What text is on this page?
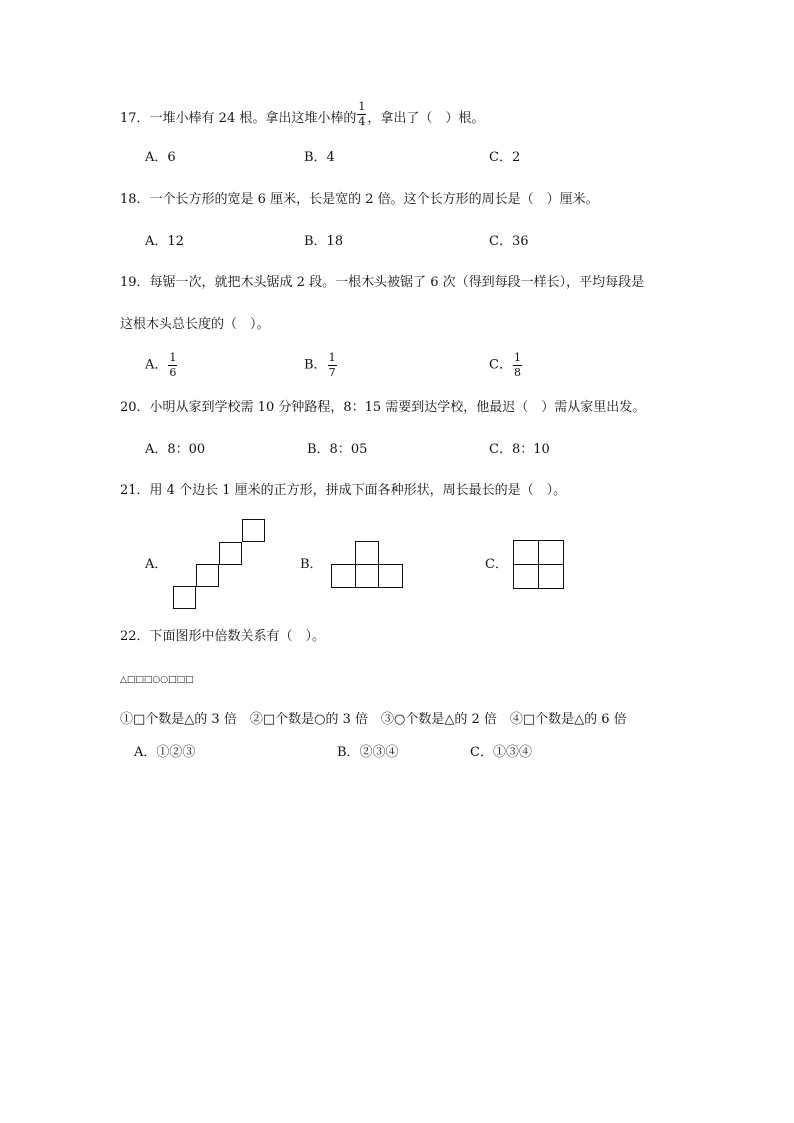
17．一堆小棒有 24 根。拿出这堆小棒的 $\frac{1}{4}$ ，拿出了（　）根。
A．6	B．4	C．2
18．一个长方形的宽是 6 厘米，长是宽的 2 倍。这个长方形的周长是（　）厘米。
A．12	B．18	C．36
19．每锯一次，就把木头锯成 2 段。一根木头被锯了 6 次（得到每段一样长），平均每段是
这根木头总长度的（　）。
A． $\frac{1}{6}$	B． $\frac{1}{7}$	C． $\frac{1}{8}$
20．小明从家到学校需 10 分钟路程，8：15 需要到达学校，他最迟（　）需从家里出发。
A．8：00	B．8：05	C．8：10
21．用 4 个边长 1 厘米的正方形，拼成下面各种形状，周长最长的是（　）。
A．	B．	C．
22．下面图形中倍数关系有（　）。
△□□□○○□□□
①□个数是△的 3 倍　②□个数是○的 3 倍　③○个数是△的 2 倍　④□个数是△的 6 倍
A．①②③	B．②③④	C．①③④
